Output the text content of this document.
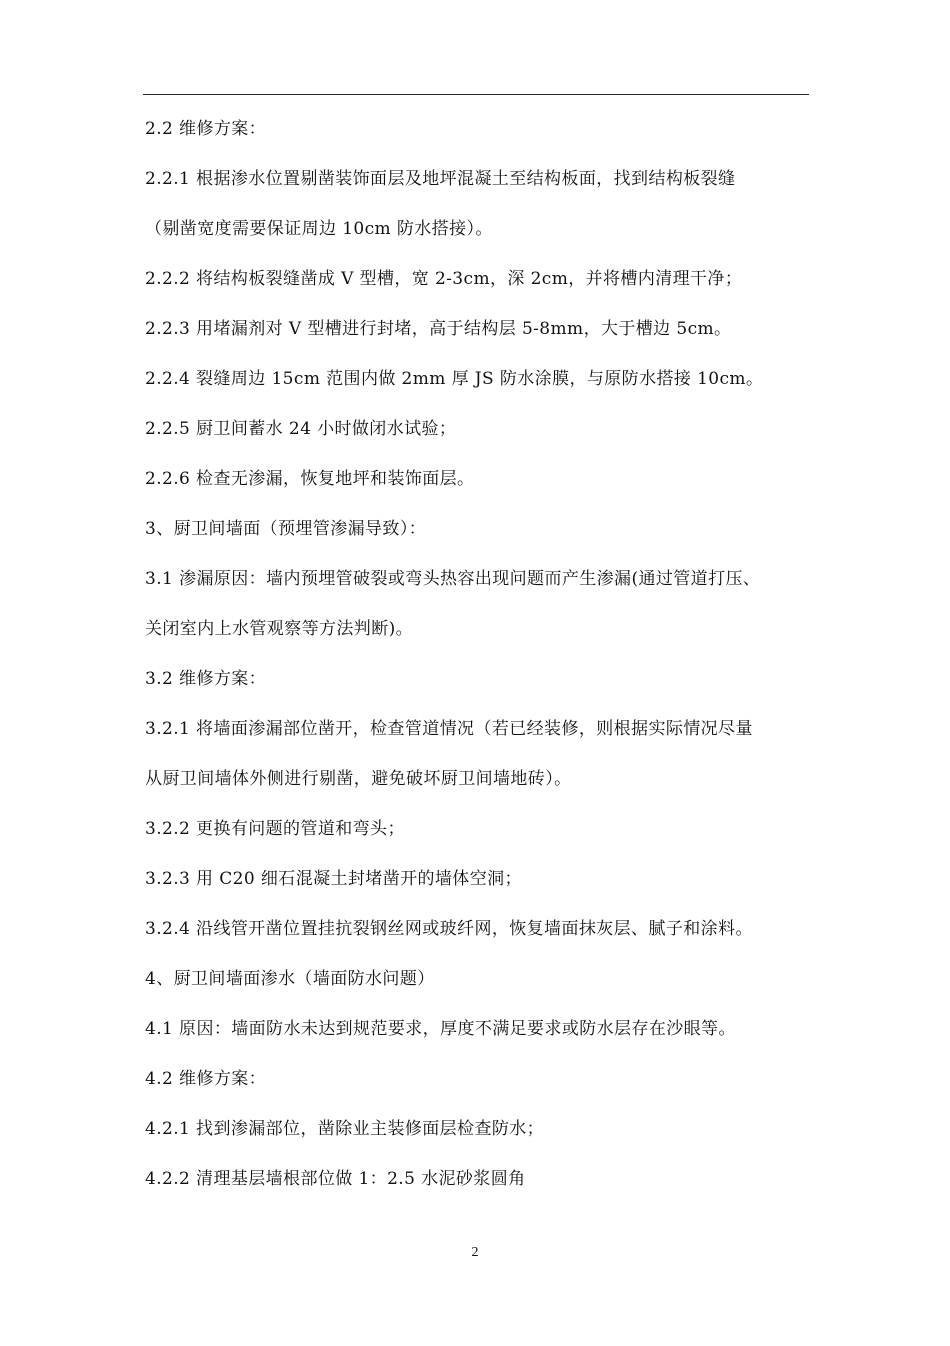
2.2 维修方案：
2.2.1 根据渗水位置剔凿装饰面层及地坪混凝土至结构板面，找到结构板裂缝
（剔凿宽度需要保证周边 10cm 防水搭接）。
2.2.2 将结构板裂缝凿成 V 型槽，宽 2-3cm，深 2cm，并将槽内清理干净；
2.2.3 用堵漏剂对 V 型槽进行封堵，高于结构层 5-8mm，大于槽边 5cm。
2.2.4 裂缝周边 15cm 范围内做 2mm 厚 JS 防水涂膜，与原防水搭接 10cm。
2.2.5 厨卫间蓄水 24 小时做闭水试验；
2.2.6 检查无渗漏，恢复地坪和装饰面层。
3、厨卫间墙面（预埋管渗漏导致）：
3.1 渗漏原因：墙内预埋管破裂或弯头热容出现问题而产生渗漏(通过管道打压、
关闭室内上水管观察等方法判断)。
3.2 维修方案：
3.2.1 将墙面渗漏部位凿开，检查管道情况（若已经装修，则根据实际情况尽量
从厨卫间墙体外侧进行剔凿，避免破坏厨卫间墙地砖）。
3.2.2 更换有问题的管道和弯头；
3.2.3 用 C20 细石混凝土封堵凿开的墙体空洞；
3.2.4 沿线管开凿位置挂抗裂钢丝网或玻纤网，恢复墙面抹灰层、腻子和涂料。
4、厨卫间墙面渗水（墙面防水问题）
4.1 原因：墙面防水未达到规范要求，厚度不满足要求或防水层存在沙眼等。
4.2 维修方案：
4.2.1 找到渗漏部位，凿除业主装修面层检查防水；
4.2.2 清理基层墙根部位做 1：2.5 水泥砂浆圆角
2
